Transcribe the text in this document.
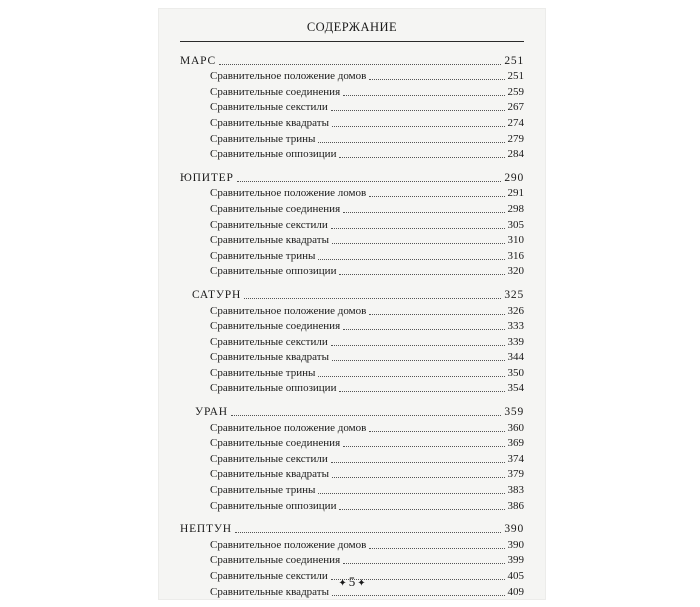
СОДЕРЖАНИЕ
МАРС	251
Сравнительное положение домов	251
Сравнительные соединения	259
Сравнительные секстили	267
Сравнительные квадраты	274
Сравнительные трины	279
Сравнительные оппозиции	284
ЮПИТЕР	290
Сравнительное положение ломов	291
Сравнительные соединения	298
Сравнительные секстили	305
Сравнительные квадраты	310
Сравнительные трины	316
Сравнительные оппозиции	320
САТУРН	325
Сравнительное положение домов	326
Сравнительные соединения	333
Сравнительные секстили	339
Сравнительные квадраты	344
Сравнительные трины	350
Сравнительные оппозиции	354
УРАН	359
Сравнительное положение домов	360
Сравнительные соединения	369
Сравнительные секстили	374
Сравнительные квадраты	379
Сравнительные трины	383
Сравнительные оппозиции	386
НЕПТУН	390
Сравнительное положение домов	390
Сравнительные соединения	399
Сравнительные секстили	405
Сравнительные квадраты	409
✦ 5 ✦
